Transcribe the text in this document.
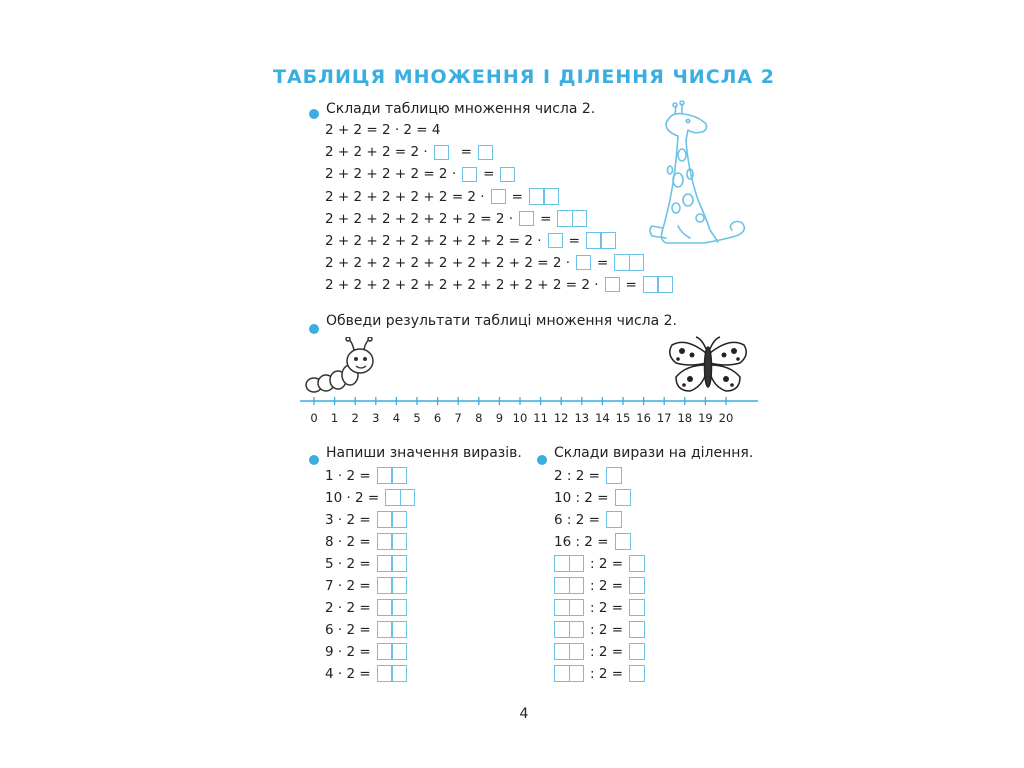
ТАБЛИЦЯ МНОЖЕННЯ І ДІЛЕННЯ ЧИСЛА 2
Склади таблицю множення числа 2.
2 + 2 = 2 · 2 = 4
2 + 2 + 2 = 2 · =
2 + 2 + 2 + 2 = 2 · =
2 + 2 + 2 + 2 + 2 = 2 · =
2 + 2 + 2 + 2 + 2 + 2 = 2 · =
2 + 2 + 2 + 2 + 2 + 2 + 2 = 2 · =
2 + 2 + 2 + 2 + 2 + 2 + 2 + 2 = 2 · =
2 + 2 + 2 + 2 + 2 + 2 + 2 + 2 + 2 = 2 · =
Обведи результати таблиці множення числа 2.
0	1	2	3	4	5	6	7	8	9 10 11 12 13 14 15 16 17 18 19 20
Напиши значення виразів.
1 · 2 =
10 · 2 =
3 · 2 =
8 · 2 =
5 · 2 =
7 · 2 =
2 · 2 =
6 · 2 =
9 · 2 =
4 · 2 =
Склади вирази на ділення.
2 : 2 =
10 : 2 =
6 : 2 =
16 : 2 =
: 2 =
: 2 =
: 2 =
: 2 =
: 2 =
: 2 =
4
